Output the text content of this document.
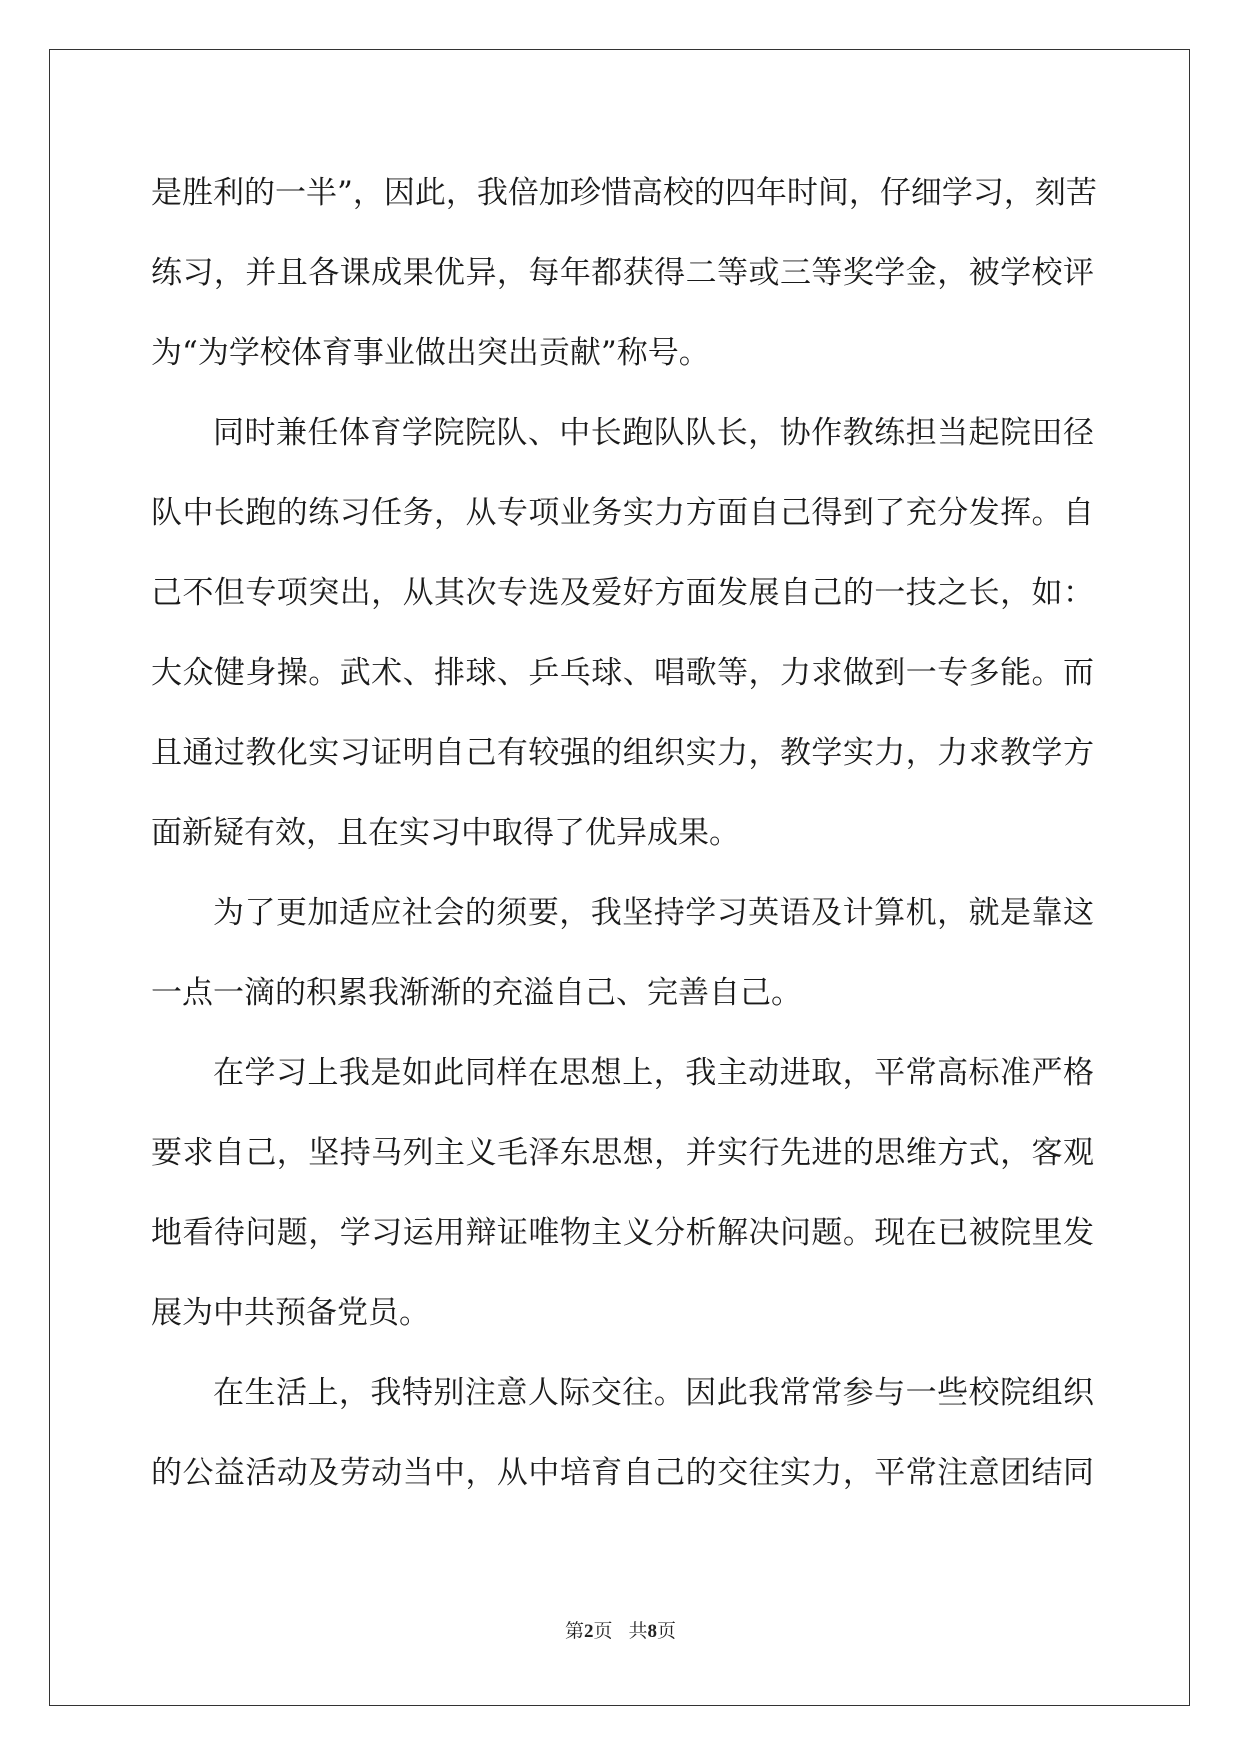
是胜利的一半”，因此，我倍加珍惜高校的四年时间，仔细学习，刻苦
练习，并且各课成果优异，每年都获得二等或三等奖学金，被学校评
为“为学校体育事业做出突出贡献”称号。
同时兼任体育学院院队、中长跑队队长，协作教练担当起院田径
队中长跑的练习任务，从专项业务实力方面自己得到了充分发挥。自
己不但专项突出，从其次专选及爱好方面发展自己的一技之长，如：
大众健身操。武术、排球、乒乓球、唱歌等，力求做到一专多能。而
且通过教化实习证明自己有较强的组织实力，教学实力，力求教学方
面新疑有效，且在实习中取得了优异成果。
为了更加适应社会的须要，我坚持学习英语及计算机，就是靠这
一点一滴的积累我渐渐的充溢自己、完善自己。
在学习上我是如此同样在思想上，我主动进取，平常高标准严格
要求自己，坚持马列主义毛泽东思想，并实行先进的思维方式，客观
地看待问题，学习运用辩证唯物主义分析解决问题。现在已被院里发
展为中共预备党员。
在生活上，我特别注意人际交往。因此我常常参与一些校院组织
的公益活动及劳动当中，从中培育自己的交往实力，平常注意团结同
第2页 共8页
